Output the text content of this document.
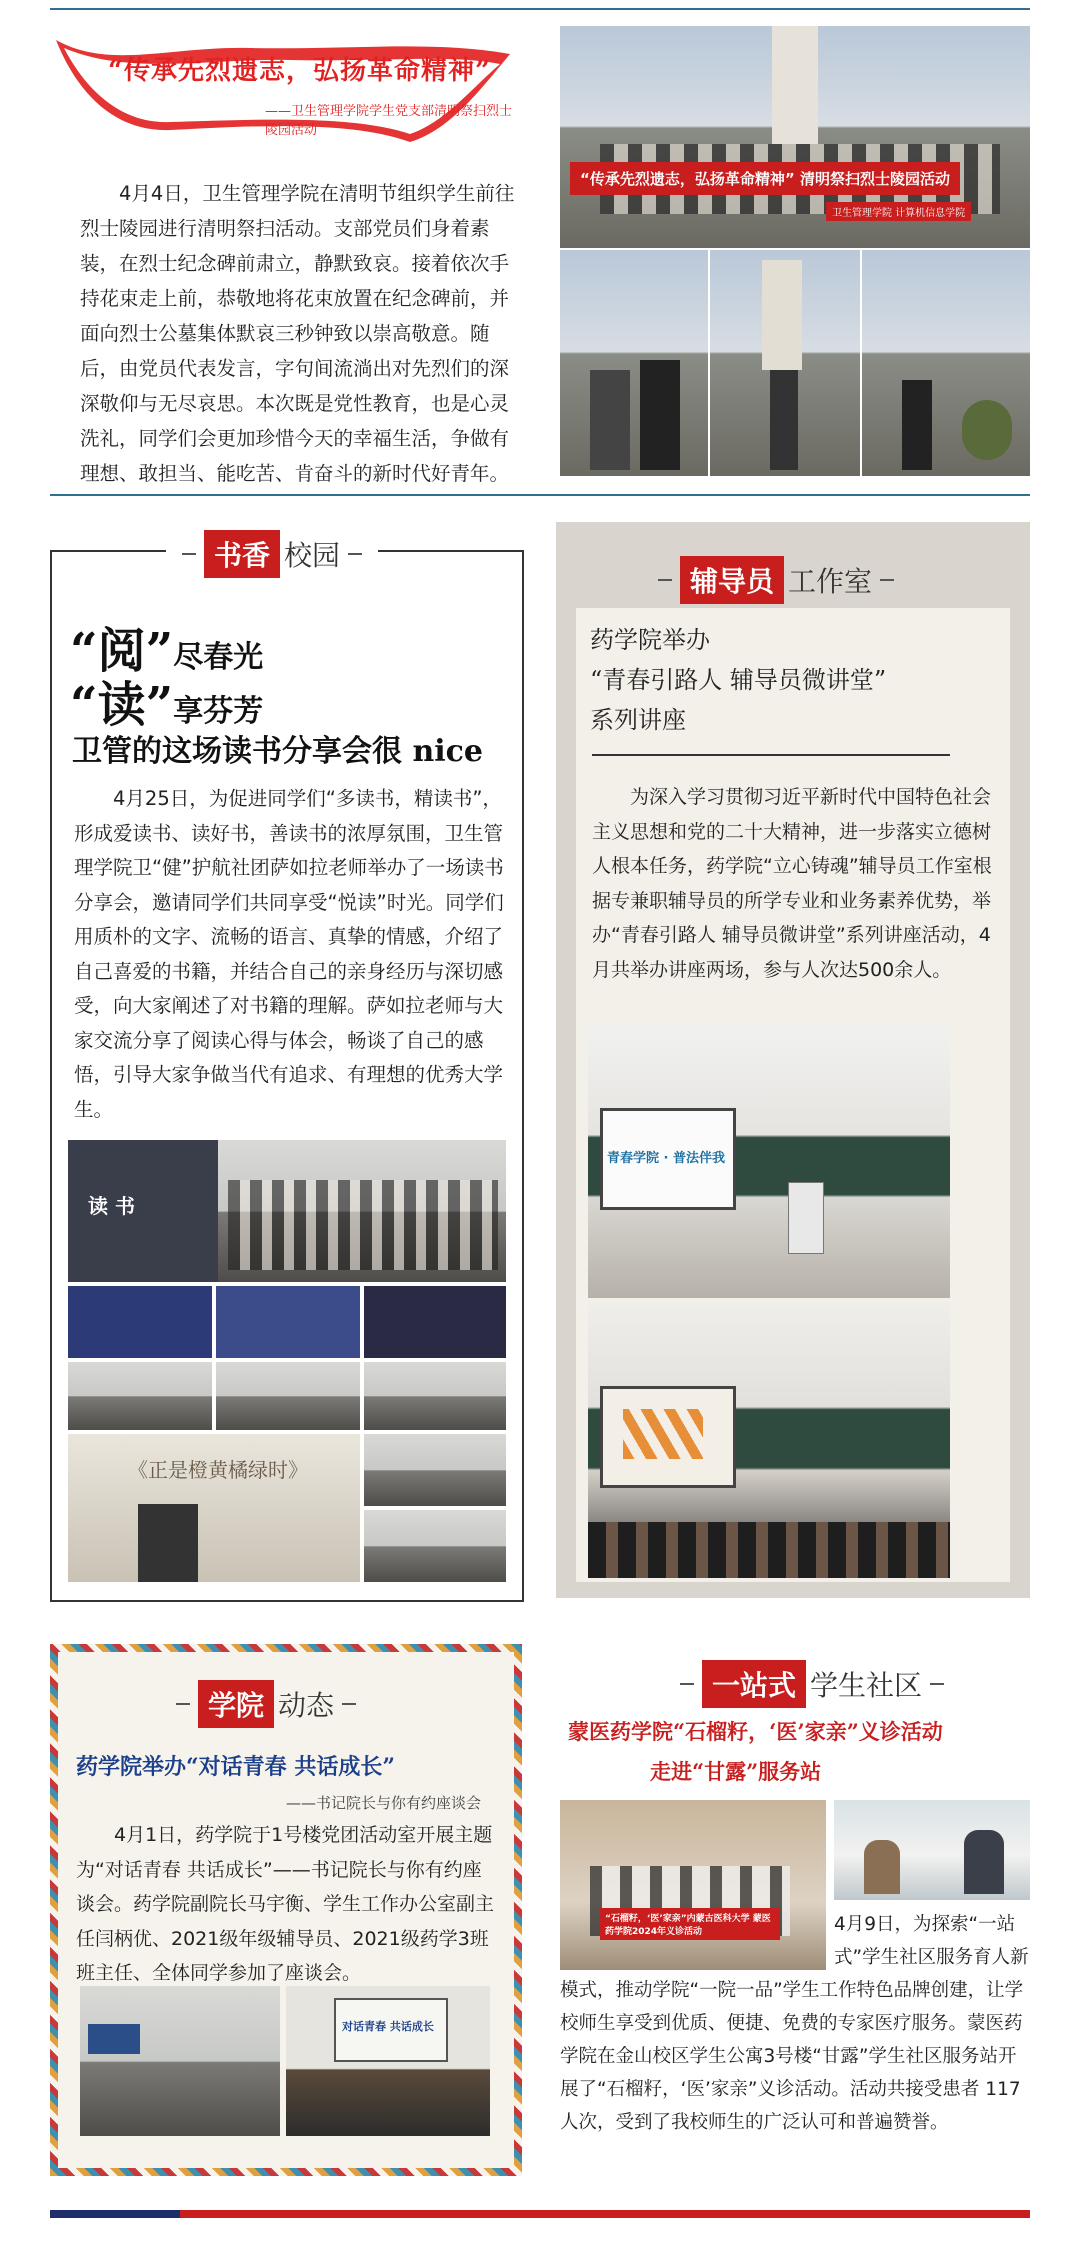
“传承先烈遗志，弘扬革命精神”
——卫生管理学院学生党支部清明祭扫烈士陵园活动

4月4日，卫生管理学院在清明节组织学生前往烈士陵园进行清明祭扫活动。支部党员们身着素装，在烈士纪念碑前肃立，静默致哀。接着依次手持花束走上前，恭敬地将花束放置在纪念碑前，并面向烈士公墓集体默哀三秒钟致以崇高敬意。随后，由党员代表发言，字句间流淌出对先烈们的深深敬仰与无尽哀思。本次既是党性教育，也是心灵洗礼，同学们会更加珍惜今天的幸福生活，争做有理想、敢担当、能吃苦、肯奋斗的新时代好青年。

“传承先烈遗志，弘扬革命精神” 清明祭扫烈士陵园活动
卫生管理学院 计算机信息学院
书香 校园
“阅”尽春光
“读”享芬芳
卫管的这场读书分享会很 nice

4月25日，为促进同学们“多读书，精读书”，形成爱读书、读好书，善读书的浓厚氛围，卫生管理学院卫“健”护航社团萨如拉老师举办了一场读书分享会，邀请同学们共同享受“悦读”时光。同学们用质朴的文字、流畅的语言、真挚的情感，介绍了自己喜爱的书籍，并结合自己的亲身经历与深切感受，向大家阐述了对书籍的理解。萨如拉老师与大家交流分享了阅读心得与体会，畅谈了自己的感悟，引导大家争做当代有追求、有理想的优秀大学生。

读 书
《正是橙黄橘绿时》
辅导员 工作室
药学院举办
“青春引路人 辅导员微讲堂”
系列讲座

为深入学习贯彻习近平新时代中国特色社会主义思想和党的二十大精神，进一步落实立德树人根本任务，药学院“立心铸魂”辅导员工作室根据专兼职辅导员的所学专业和业务素养优势，举办“青春引路人 辅导员微讲堂”系列讲座活动，4月共举办讲座两场，参与人次达500余人。

青春学院 · 普法伴我
学院 动态
药学院举办“对话青春 共话成长”
——书记院长与你有约座谈会

4月1日，药学院于1号楼党团活动室开展主题为“对话青春 共话成长”——书记院长与你有约座谈会。药学院副院长马宇衡、学生工作办公室副主任闫柄优、2021级年级辅导员、2021级药学3班班主任、全体同学参加了座谈会。

对话青春 共话成长
一站式 学生社区
蒙医药学院“石榴籽，‘医’家亲”义诊活动
走进“甘露”服务站
“石榴籽，‘医’家亲”内蒙古医科大学 蒙医药学院2024年义诊活动	4月9日，为探索“一站式”学生社区服务育人新模式，推动学院“一院一品”学生工作特色品牌创建，让学校师生享受到优质、便捷、免费的专家医疗服务。蒙医药学院在金山校区学生公寓3号楼“甘露”学生社区服务站开展了“石榴籽，‘医’家亲”义诊活动。活动共接受患者 117 人次，受到了我校师生的广泛认可和普遍赞誉。
